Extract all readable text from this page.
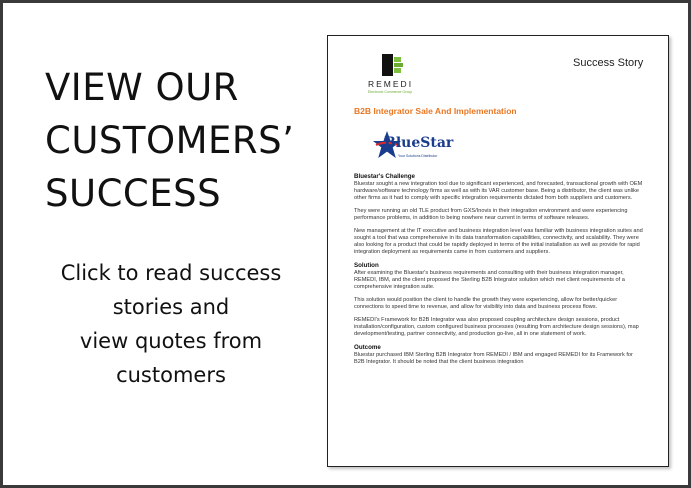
VIEW OUR
CUSTOMERS’
SUCCESS
Click to read success
stories and
view quotes from
customers
REMEDI
Electronic Commerce Group
Success Story
B2B Integrator Sale And Implementation
BlueStar
Your Solutions Distributor
Bluestar's Challenge

Bluestar sought a new integration tool due to significant experienced, and forecasted, transactional growth with OEM hardware/software technology firms as well as with its VAR customer base. Being a distributor, the client was unlike other firms as it had to comply with specific integration requirements dictated from both suppliers and customers.

They were running an old TLE product from GXS/Inovis in their integration environment and were experiencing performance problems, in addition to being nowhere near current in terms of software releases.

New management at the IT executive and business integration level was familiar with business integration suites and sought a tool that was comprehensive in its data transformation capabilities, connectivity, and scalability. They were also looking for a product that could be rapidly deployed in terms of the initial installation as well as provide for rapid integration deployment as requirements came in from customers and suppliers.

Solution

After examining the Bluestar's business requirements and consulting with their business integration manager, REMEDI, IBM, and the client proposed the Sterling B2B Integrator solution which met client requirements of a comprehensive integration suite.

This solution would position the client to handle the growth they were experiencing, allow for better/quicker connections to speed time to revenue, and allow for visibility into data and business process flows.

REMEDI's Framework for B2B Integrator was also proposed coupling architecture design sessions, product installation/configuration, custom configured business processes (resulting from architecture design sessions), map development/testing, partner connectivity, and production go-live, all in one statement of work.

Outcome

Bluestar purchased IBM Sterling B2B Integrator from REMEDI / IBM and engaged REMEDI for its Framework for B2B Integrator. It should be noted that the client business integration
